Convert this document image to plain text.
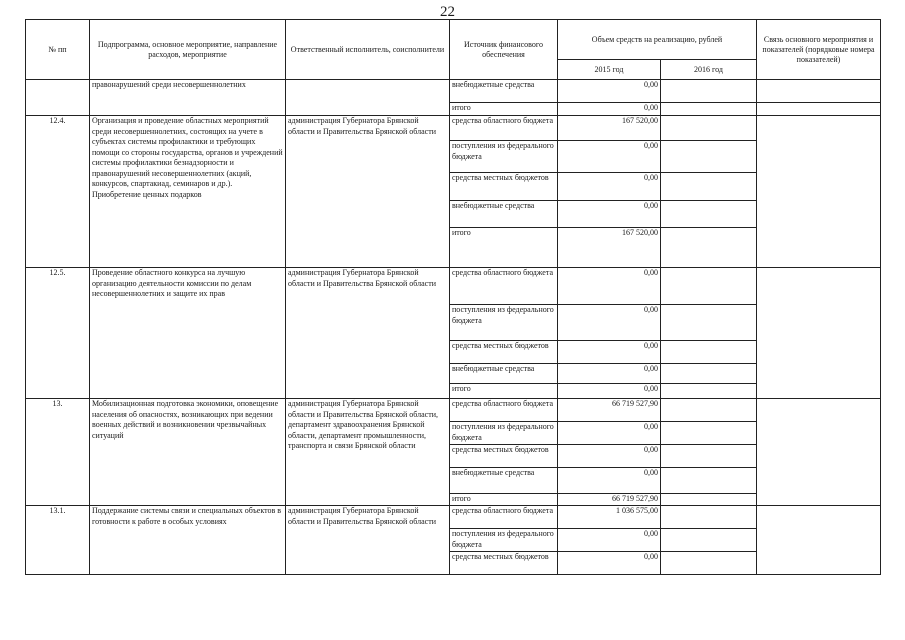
22
№ пп	Подпрограмма, основное мероприятие, направление расходов, мероприятие	Ответственный исполнитель, соисполнители	Источник финансового обеспечения	Объем средств на реализацию, рублей		Связь основного мероприятия и показателей (порядковые номера показателей)
				2015 год	2016 год	
	правонарушений среди несовершеннолетних		внебюджетные средства	0,00		
			итого	0,00		
12.4.	Организация и проведение областных мероприятий среди несовершеннолетних, состоящих на учете в субъектах системы профилактики и требующих помощи со стороны государства, органов и учреждений системы профилактики безнадзорности и правонарушений несовершеннолетних (акций, конкурсов, спартакиад, семинаров и др.). Приобретение ценных подарков	администрация Губернатора Брянской области и Правительства Брянской области	средства областного бюджета	167 520,00		
			поступления из федерального бюджета	0,00		
			средства местных бюджетов	0,00		
			внебюджетные средства	0,00		
			итого	167 520,00		
12.5.	Проведение областного конкурса на лучшую организацию деятельности комиссии по делам несовершеннолетних и защите их прав	администрация Губернатора Брянской области и Правительства Брянской области	средства областного бюджета	0,00		
			поступления из федерального бюджета	0,00		
			средства местных бюджетов	0,00		
			внебюджетные средства	0,00		
			итого	0,00		
13.	Мобилизационная подготовка экономики, оповещение населения об опасностях, возникающих при ведении военных действий и возникновении чрезвычайных ситуаций	администрация Губернатора Брянской области и Правительства Брянской области, департамент здравоохранения Брянской области, департамент промышленности, транспорта и связи Брянской области	средства областного бюджета	66 719 527,90		
			поступления из федерального бюджета	0,00		
			средства местных бюджетов	0,00		
			внебюджетные средства	0,00		
			итого	66 719 527,90		
13.1.	Поддержание системы связи и специальных объектов в готовности к работе в особых условиях	администрация Губернатора Брянской области и Правительства Брянской области	средства областного бюджета	1 036 575,00		
			поступления из федерального бюджета	0,00		
			средства местных бюджетов	0,00		
